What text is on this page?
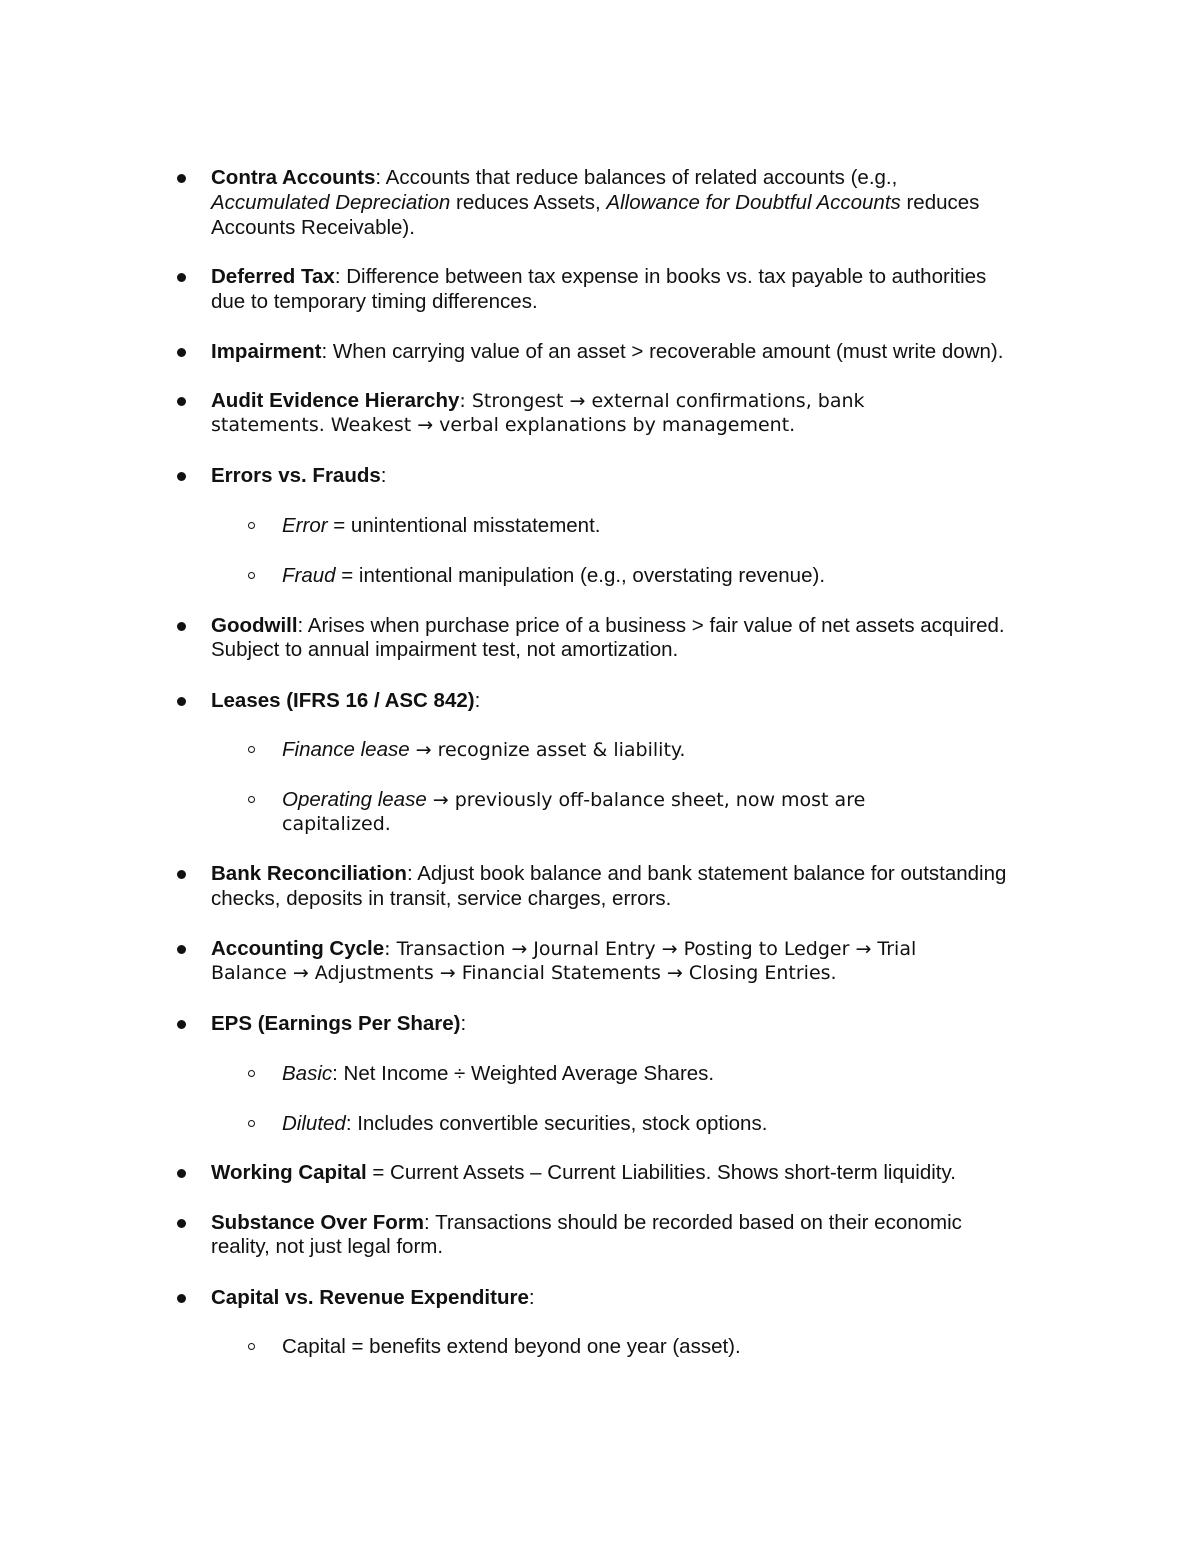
Contra Accounts: Accounts that reduce balances of related accounts (e.g.,
Accumulated Depreciation reduces Assets, Allowance for Doubtful Accounts reduces
Accounts Receivable).
Deferred Tax: Difference between tax expense in books vs. tax payable to authorities
due to temporary timing differences.
Impairment: When carrying value of an asset > recoverable amount (must write down).
Audit Evidence Hierarchy: Strongest → external confirmations, bank
statements. Weakest → verbal explanations by management.
Errors vs. Frauds:
Error = unintentional misstatement.
Fraud = intentional manipulation (e.g., overstating revenue).
Goodwill: Arises when purchase price of a business > fair value of net assets acquired.
Subject to annual impairment test, not amortization.
Leases (IFRS 16 / ASC 842):
Finance lease → recognize asset & liability.
Operating lease → previously off-balance sheet, now most are
capitalized.
Bank Reconciliation: Adjust book balance and bank statement balance for outstanding
checks, deposits in transit, service charges, errors.
Accounting Cycle: Transaction → Journal Entry → Posting to Ledger → Trial
Balance → Adjustments → Financial Statements → Closing Entries.
EPS (Earnings Per Share):
Basic: Net Income ÷ Weighted Average Shares.
Diluted: Includes convertible securities, stock options.
Working Capital = Current Assets – Current Liabilities. Shows short-term liquidity.
Substance Over Form: Transactions should be recorded based on their economic
reality, not just legal form.
Capital vs. Revenue Expenditure:
Capital = benefits extend beyond one year (asset).
